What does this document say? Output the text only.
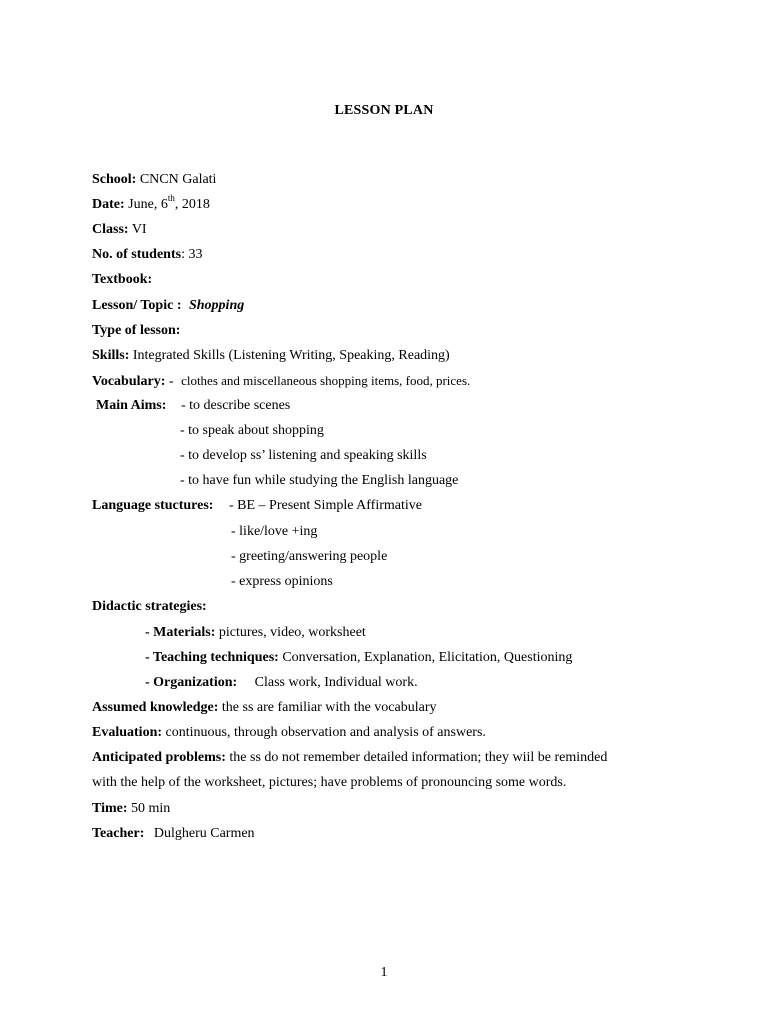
LESSON PLAN
School: CNCN Galati
Date: June, 6th, 2018
Class: VI
No. of students: 33
Textbook:
Lesson/ Topic : Shopping
Type of lesson:
Skills: Integrated Skills (Listening Writing, Speaking, Reading)
Vocabulary: - clothes and miscellaneous shopping items, food, prices.
Main Aims: - to describe scenes
- to speak about shopping
- to develop ss’ listening and speaking skills
- to have fun while studying the English language
Language stuctures: - BE – Present Simple Affirmative
- like/love +ing
- greeting/answering people
- express opinions
Didactic strategies:
- Materials: pictures, video, worksheet
- Teaching techniques: Conversation, Explanation, Elicitation, Questioning
- Organization: Class work, Individual work.
Assumed knowledge: the ss are familiar with the vocabulary
Evaluation: continuous, through observation and analysis of answers.
Anticipated problems: the ss do not remember detailed information; they wiil be reminded
with the help of the worksheet, pictures; have problems of pronouncing some words.
Time: 50 min
Teacher: Dulgheru Carmen
1
